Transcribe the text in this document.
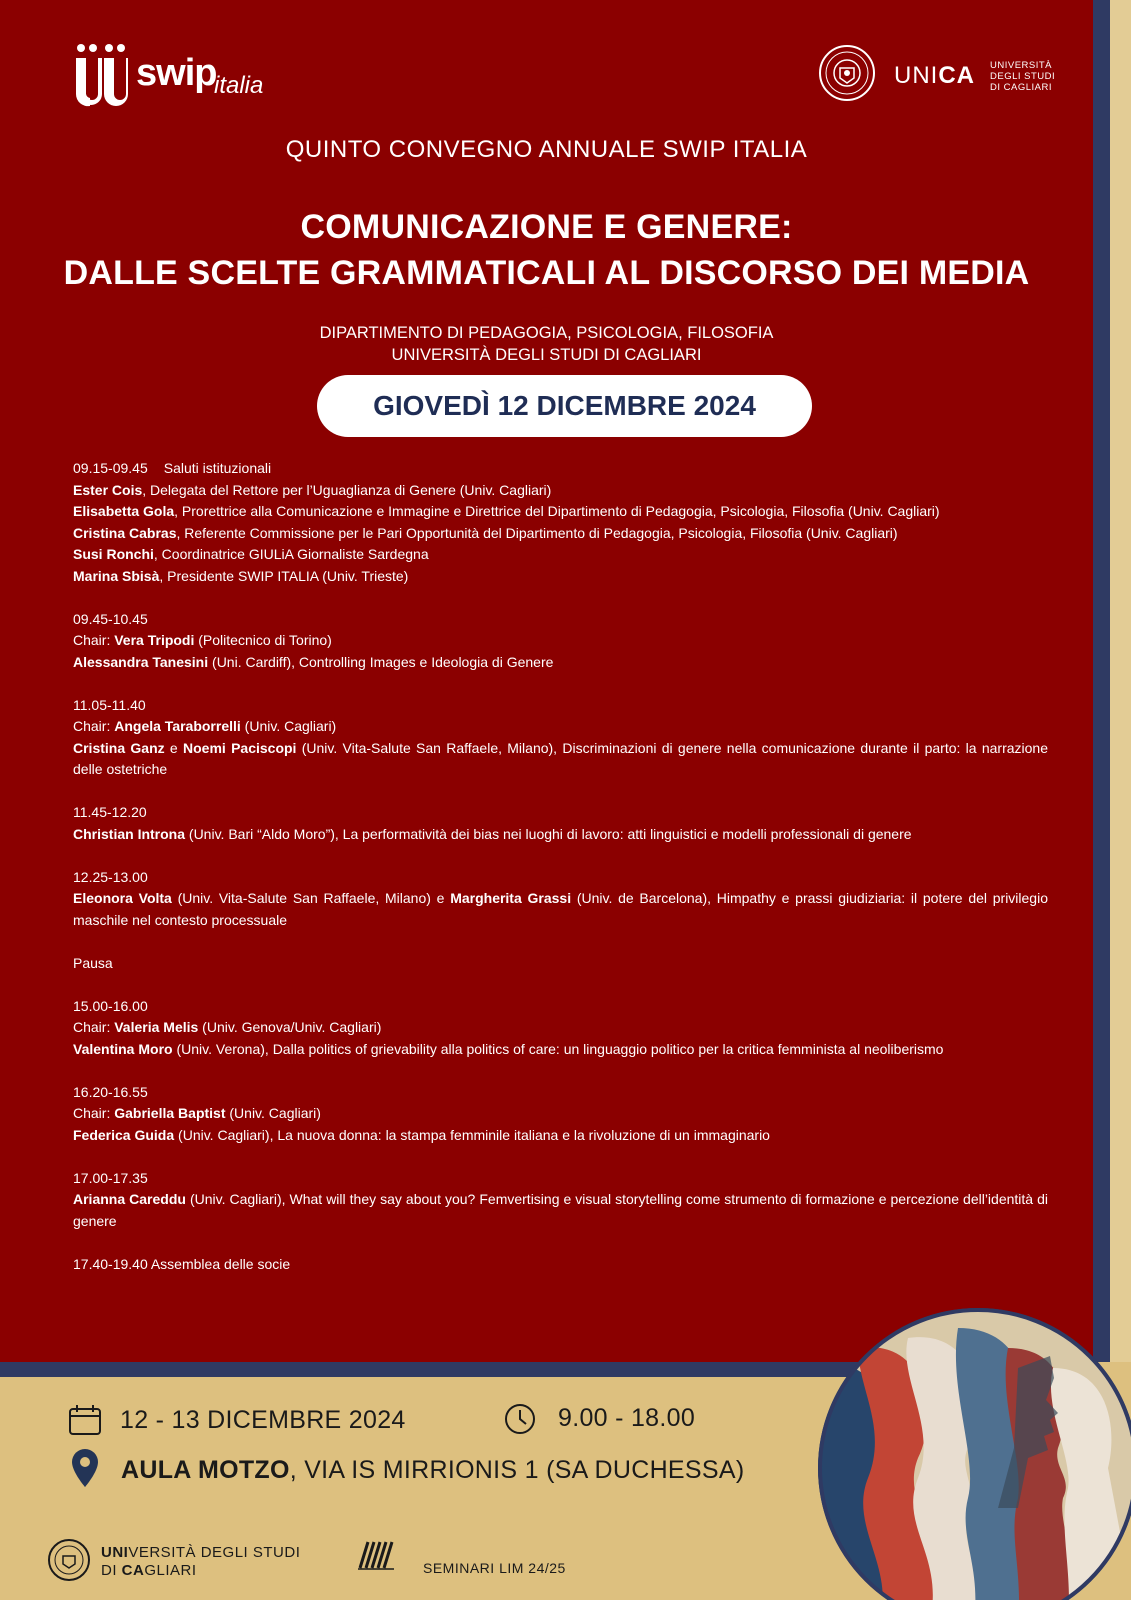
swip
italia	UNICA UNIVERSITÀ
DEGLI STUDI
DI CAGLIARI
QUINTO CONVEGNO ANNUALE SWIP ITALIA
COMUNICAZIONE E GENERE:
DALLE SCELTE GRAMMATICALI AL DISCORSO DEI MEDIA
DIPARTIMENTO DI PEDAGOGIA, PSICOLOGIA, FILOSOFIA
UNIVERSITÀ DEGLI STUDI DI CAGLIARI
GIOVEDÌ 12 DICEMBRE 2024
09.15-09.45 Saluti istituzionali
Ester Cois, Delegata del Rettore per l’Uguaglianza di Genere (Univ. Cagliari)
Elisabetta Gola, Prorettrice alla Comunicazione e Immagine e Direttrice del Dipartimento di Pedagogia, Psicologia, Filosofia (Univ. Cagliari)
Cristina Cabras, Referente Commissione per le Pari Opportunità del Dipartimento di Pedagogia, Psicologia, Filosofia (Univ. Cagliari)
Susi Ronchi, Coordinatrice GIULiA Giornaliste Sardegna
Marina Sbisà, Presidente SWIP ITALIA (Univ. Trieste)
09.45-10.45
Chair: Vera Tripodi (Politecnico di Torino)
Alessandra Tanesini (Uni. Cardiff), Controlling Images e Ideologia di Genere
11.05-11.40
Chair: Angela Taraborrelli (Univ. Cagliari)
Cristina Ganz e Noemi Paciscopi (Univ. Vita-Salute San Raffaele, Milano), Discriminazioni di genere nella comunicazione durante il parto: la narrazione delle ostetriche
11.45-12.20
Christian Introna (Univ. Bari “Aldo Moro”), La performatività dei bias nei luoghi di lavoro: atti linguistici e modelli professionali di genere
12.25-13.00
Eleonora Volta (Univ. Vita-Salute San Raffaele, Milano) e Margherita Grassi (Univ. de Barcelona), Himpathy e prassi giudiziaria: il potere del privilegio maschile nel contesto processuale
Pausa
15.00-16.00
Chair: Valeria Melis (Univ. Genova/Univ. Cagliari)
Valentina Moro (Univ. Verona), Dalla politics of grievability alla politics of care: un linguaggio politico per la critica femminista al neoliberismo
16.20-16.55
Chair: Gabriella Baptist (Univ. Cagliari)
Federica Guida (Univ. Cagliari), La nuova donna: la stampa femminile italiana e la rivoluzione di un immaginario
17.00-17.35
Arianna Careddu (Univ. Cagliari), What will they say about you? Femvertising e visual storytelling come strumento di formazione e percezione dell’identità di genere
17.40-19.40 Assemblea delle socie
12 - 13 DICEMBRE 2024	9.00 - 18.00
AULA MOTZO, VIA IS MIRRIONIS 1 (SA DUCHESSA)
UNIVERSITÀ DEGLI STUDI
DI CAGLIARI	SEMINARI LIM 24/25
